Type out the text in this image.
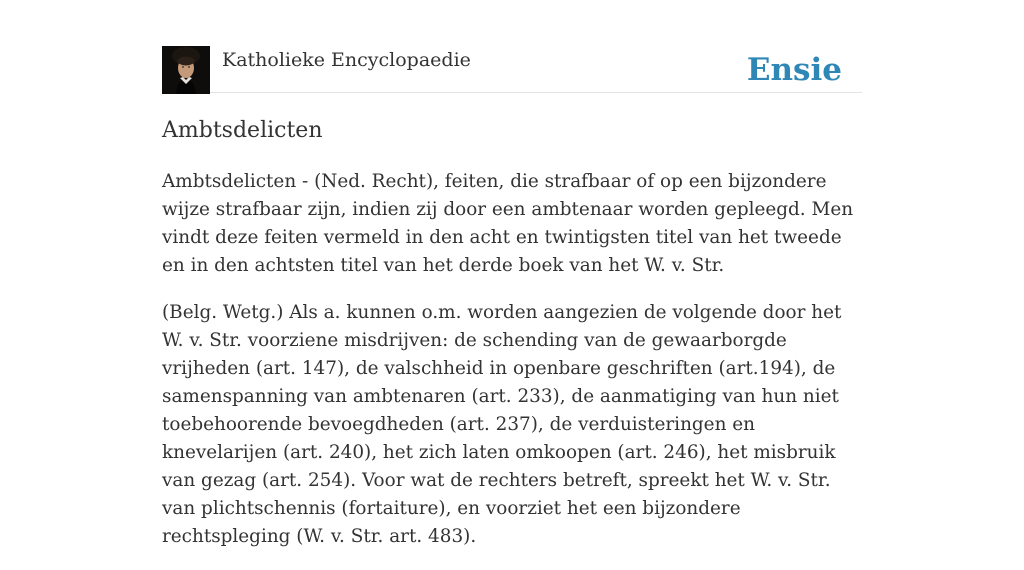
Katholieke Encyclopaedie	Ensie
Ambtsdelicten

Ambtsdelicten - (Ned. Recht), feiten, die strafbaar of op een bijzondere wijze strafbaar zijn, indien zij door een ambtenaar worden gepleegd. Men vindt deze feiten vermeld in den acht en twintigsten titel van het tweede en in den achtsten titel van het derde boek van het W. v. Str.

(Belg. Wetg.) Als a. kunnen o.m. worden aangezien de volgende door het W. v. Str. voorziene misdrijven: de schending van de gewaarborgde vrijheden (art. 147), de valschheid in openbare geschriften (art.194), de samenspanning van ambtenaren (art. 233), de aanmatiging van hun niet toebehoorende bevoegdheden (art. 237), de verduisteringen en knevelarijen (art. 240), het zich laten omkoopen (art. 246), het misbruik van gezag (art. 254). Voor wat de rechters betreft, spreekt het W. v. Str. van plichtschennis (fortaiture), en voorziet het een bijzondere rechtspleging (W. v. Str. art. 483).
